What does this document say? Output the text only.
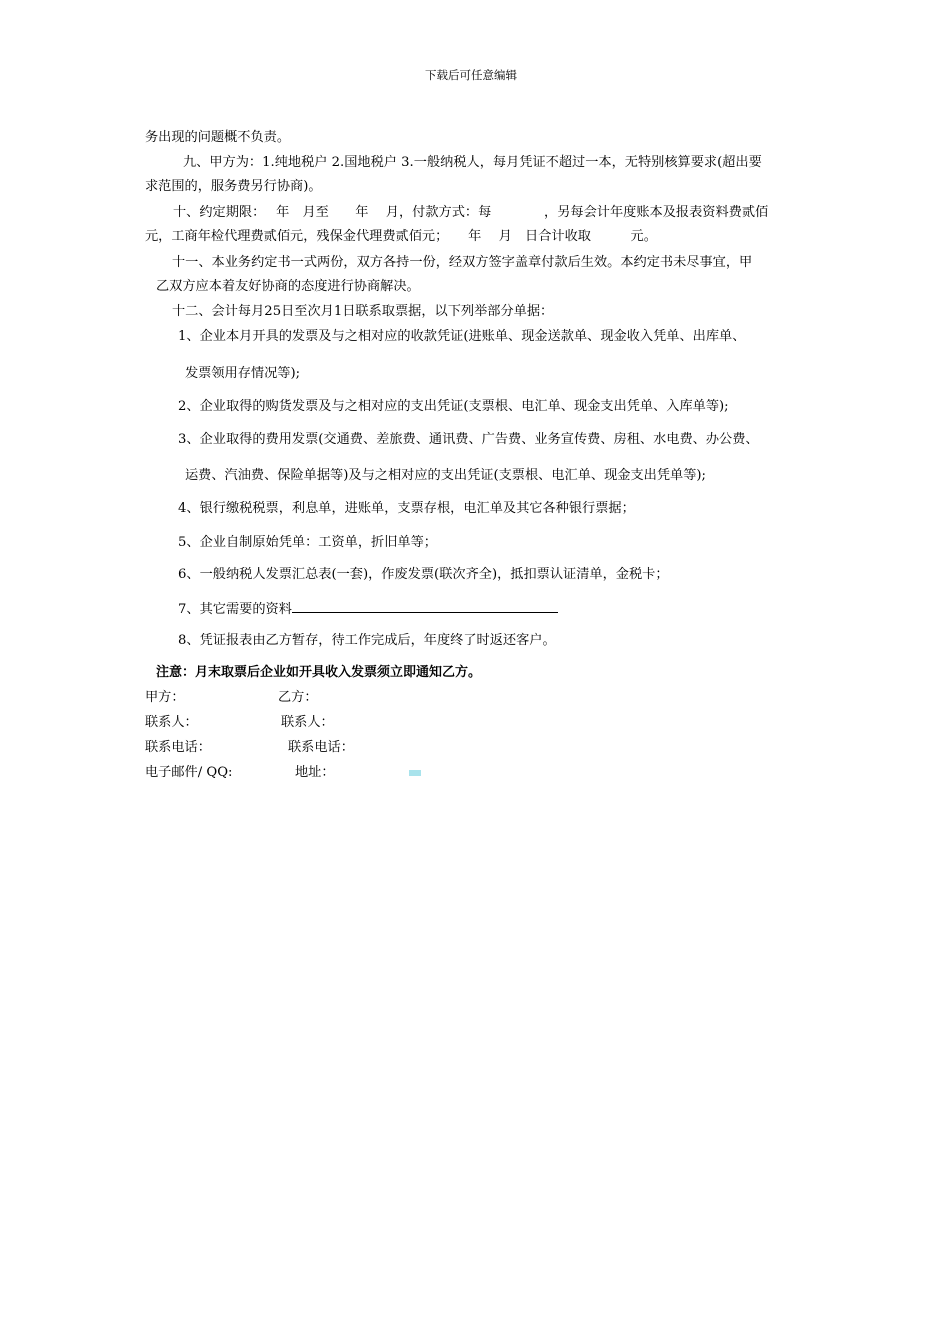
下载后可任意编辑
务出现的问题概不负责。
九、甲方为：1.纯地税户 2.国地税户 3.一般纳税人，每月凭证不超过一本，无特别核算要求(超出要
求范围的，服务费另行协商)。
十、约定期限：　 年　月至　　年　 月，付款方式：每　　　　，另每会计年度账本及报表资料费贰佰
元，工商年检代理费贰佰元，残保金代理费贰佰元；　　年　 月　日合计收取　　　元。
十一、本业务约定书一式两份，双方各持一份，经双方签字盖章付款后生效。本约定书未尽事宜，甲
乙双方应本着友好协商的态度进行协商解决。
十二、会计每月25日至次月1日联系取票据，以下列举部分单据：
1、企业本月开具的发票及与之相对应的收款凭证(进账单、现金送款单、现金收入凭单、出库单、
发票领用存情况等);
2、企业取得的购货发票及与之相对应的支出凭证(支票根、电汇单、现金支出凭单、入库单等);
3、企业取得的费用发票(交通费、差旅费、通讯费、广告费、业务宣传费、房租、水电费、办公费、
运费、汽油费、保险单据等)及与之相对应的支出凭证(支票根、电汇单、现金支出凭单等);
4、银行缴税税票，利息单，进账单，支票存根，电汇单及其它各种银行票据；
5、企业自制原始凭单：工资单，折旧单等；
6、一般纳税人发票汇总表(一套)，作废发票(联次齐全)，抵扣票认证清单，金税卡；
7、其它需要的资料
8、凭证报表由乙方暂存，待工作完成后，年度终了时返还客户。
注意：月末取票后企业如开具收入发票须立即通知乙方。
甲方：	乙方：
联系人：	联系人：
联系电话：	联系电话：
电子邮件/ QQ:	地址：
